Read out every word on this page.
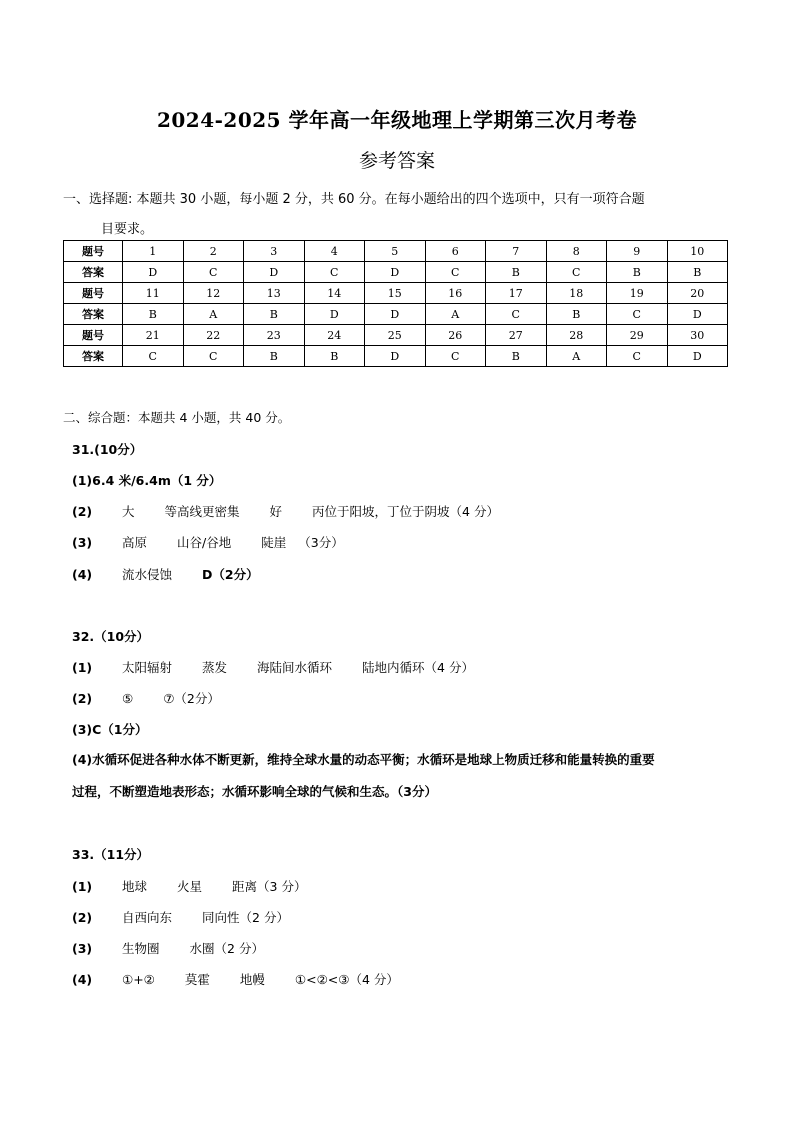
2024-2025 学年高一年级地理上学期第三次月考卷
参考答案
一、选择题: 本题共 30 小题，每小题 2 分，共 60 分。在每小题给出的四个选项中，只有一项符合题
目要求。
题号	1	2	3	4	5	6	7	8	9	10
答案	D	C	D	C	D	C	B	C	B	B
题号	11	12	13	14	15	16	17	18	19	20
答案	B	A	B	D	D	A	C	B	C	D
题号	21	22	23	24	25	26	27	28	29	30
答案	C	C	B	B	D	C	B	A	C	D
二、综合题：本题共 4 小题，共 40 分。
31.(10分）
(1)6.4 米/6.4m（1 分）
(2) 大 等高线更密集 好 丙位于阳坡，丁位于阴坡（4 分）
(3) 高原 山谷/谷地 陡崖 （3分）
(4) 流水侵蚀 D（2分）
32.（10分）
(1) 太阳辐射 蒸发 海陆间水循环 陆地内循环（4 分）
(2) ⑤ ⑦（2分）
(3)C（1分）
(4)水循环促进各种水体不断更新，维持全球水量的动态平衡；水循环是地球上物质迁移和能量转换的重要
过程，不断塑造地表形态；水循环影响全球的气候和生态。（3分）
33.（11分）
(1) 地球 火星 距离（3 分）
(2) 自西向东 同向性（2 分）
(3) 生物圈 水圈（2 分）
(4) ①+② 莫霍 地幔 ①<②<③（4 分）
